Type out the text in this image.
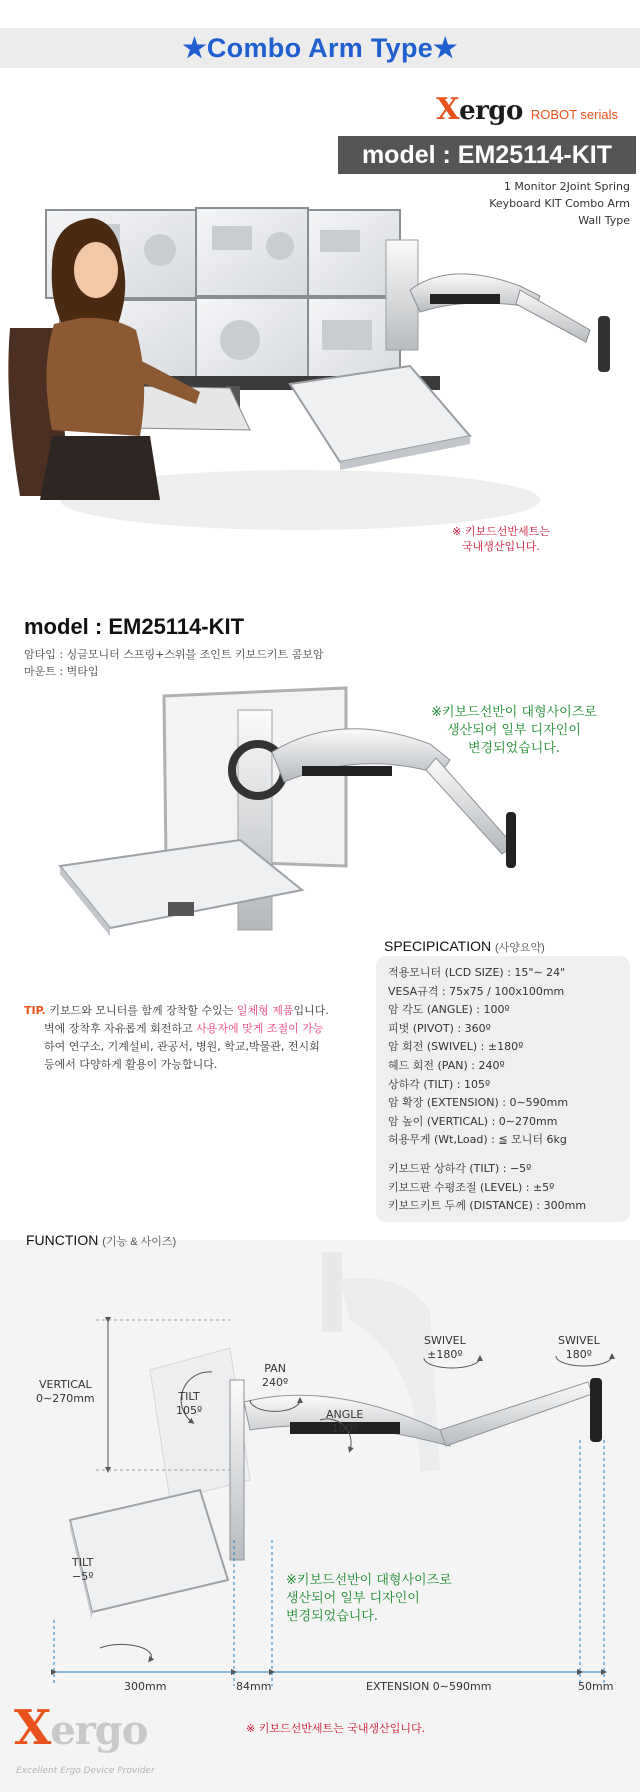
★Combo Arm Type★
Xergo ROBOT serials
model : EM25114-KIT
1 Monitor 2Joint Spring
Keyboard KIT Combo Arm
Wall Type
※ 키보드선반세트는
국내생산입니다.
model : EM25114-KIT
암타입 : 싱글모니터 스프링+스위블 조인트 키보드키트 콤보암
마운트 : 벽타입
※키보드선반이 대형사이즈로
생산되어 일부 디자인이
변경되었습니다.
TIP. 키보드와 모니터를 함께 장착할 수있는 일체형 제품입니다.
벽에 장착후 자유롭게 회전하고 사용자에 맞게 조절이 가능
하여 연구소, 기계설비, 관공서, 병원, 학교,박물관, 전시회
등에서 다양하게 활용이 가능합니다.
SPECIPICATION (사양요약)
적용모니터 (LCD SIZE) : 15"∼ 24"
VESA규격 : 75x75 / 100x100mm
암 각도 (ANGLE) : 100º
피벗 (PIVOT) : 360º
암 회전 (SWIVEL) : ±180º
헤드 회전 (PAN) : 240º
상하각 (TILT) : 105º
암 확장 (EXTENSION) : 0∼590mm
암 높이 (VERTICAL) : 0∼270mm
허용무게 (Wt,Load) : ≦ 모니터 6kg
키보드판 상하각 (TILT) : −5º
키보드판 수평조절 (LEVEL) : ±5º
키보드키트 두께 (DISTANCE) : 300mm
FUNCTION (기능 & 사이즈)
VERTICAL
0∼270mm	TILT
105º
PAN
240º
ANGLE
100º
SWIVEL
±180º
SWIVEL
180º
TILT
−5º
300mm	84mm	EXTENSION 0∼590mm	50mm
※키보드선반이 대형사이즈로
생산되어 일부 디자인이
변경되었습니다.
※ 키보드선반세트는 국내생산입니다.
Xergo
Excellent Ergo Device Provider
